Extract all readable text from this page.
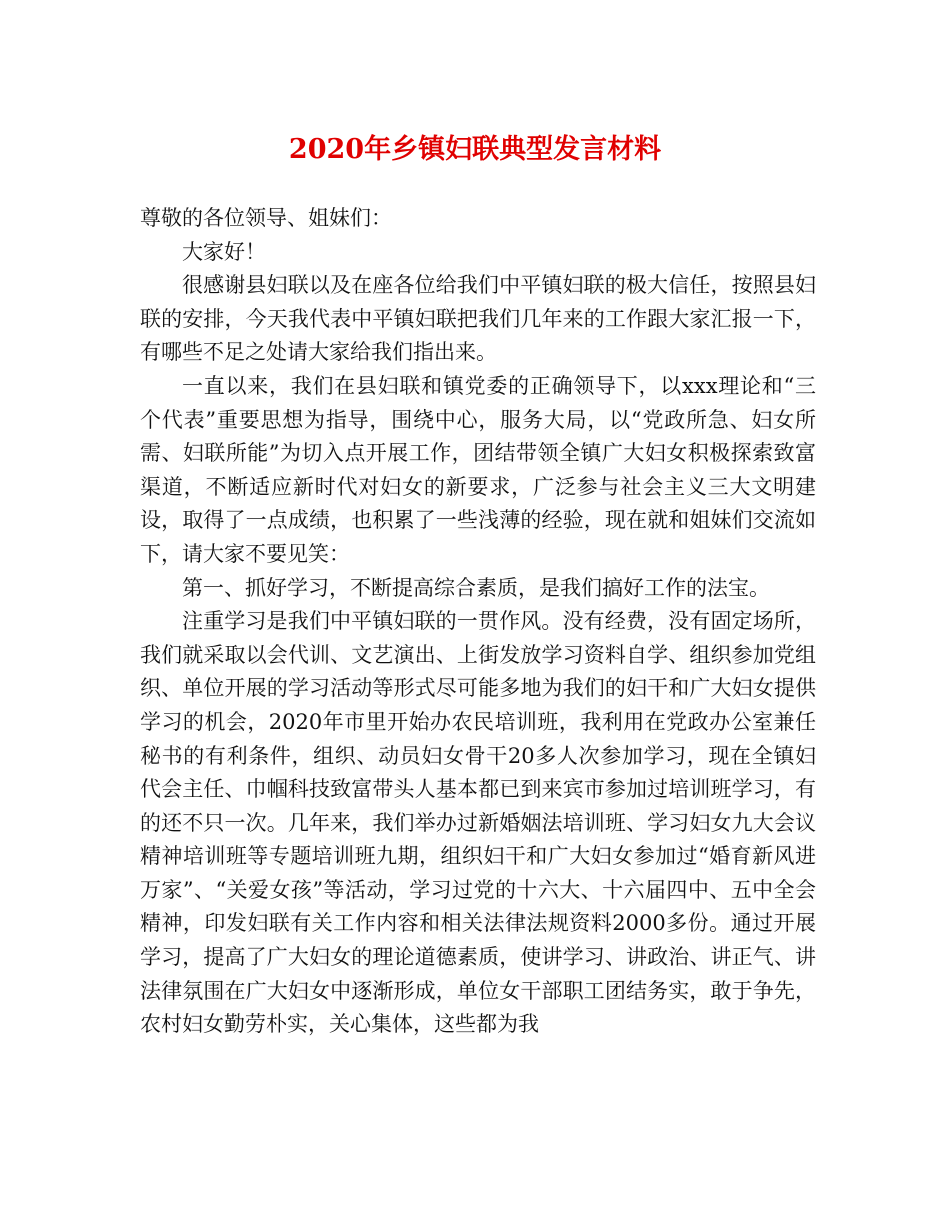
2020年乡镇妇联典型发言材料

尊敬的各位领导、姐妹们：

大家好！

很感谢县妇联以及在座各位给我们中平镇妇联的极大信任，按照县妇联的安排，今天我代表中平镇妇联把我们几年来的工作跟大家汇报一下，有哪些不足之处请大家给我们指出来。

一直以来，我们在县妇联和镇党委的正确领导下，以xxx理论和“三个代表”重要思想为指导，围绕中心，服务大局，以“党政所急、妇女所需、妇联所能”为切入点开展工作，团结带领全镇广大妇女积极探索致富渠道，不断适应新时代对妇女的新要求，广泛参与社会主义三大文明建设，取得了一点成绩，也积累了一些浅薄的经验，现在就和姐妹们交流如下，请大家不要见笑：

第一、抓好学习，不断提高综合素质，是我们搞好工作的法宝。

注重学习是我们中平镇妇联的一贯作风。没有经费，没有固定场所，我们就采取以会代训、文艺演出、上街发放学习资料自学、组织参加党组织、单位开展的学习活动等形式尽可能多地为我们的妇干和广大妇女提供学习的机会，2020年市里开始办农民培训班，我利用在党政办公室兼任秘书的有利条件，组织、动员妇女骨干20多人次参加学习，现在全镇妇代会主任、巾帼科技致富带头人基本都已到来宾市参加过培训班学习，有的还不只一次。几年来，我们举办过新婚姻法培训班、学习妇女九大会议精神培训班等专题培训班九期，组织妇干和广大妇女参加过“婚育新风进万家”、“关爱女孩”等活动，学习过党的十六大、十六届四中、五中全会精神，印发妇联有关工作内容和相关法律法规资料2000多份。通过开展学习，提高了广大妇女的理论道德素质，使讲学习、讲政治、讲正气、讲法律氛围在广大妇女中逐渐形成，单位女干部职工团结务实，敢于争先，农村妇女勤劳朴实，关心集体，这些都为我
